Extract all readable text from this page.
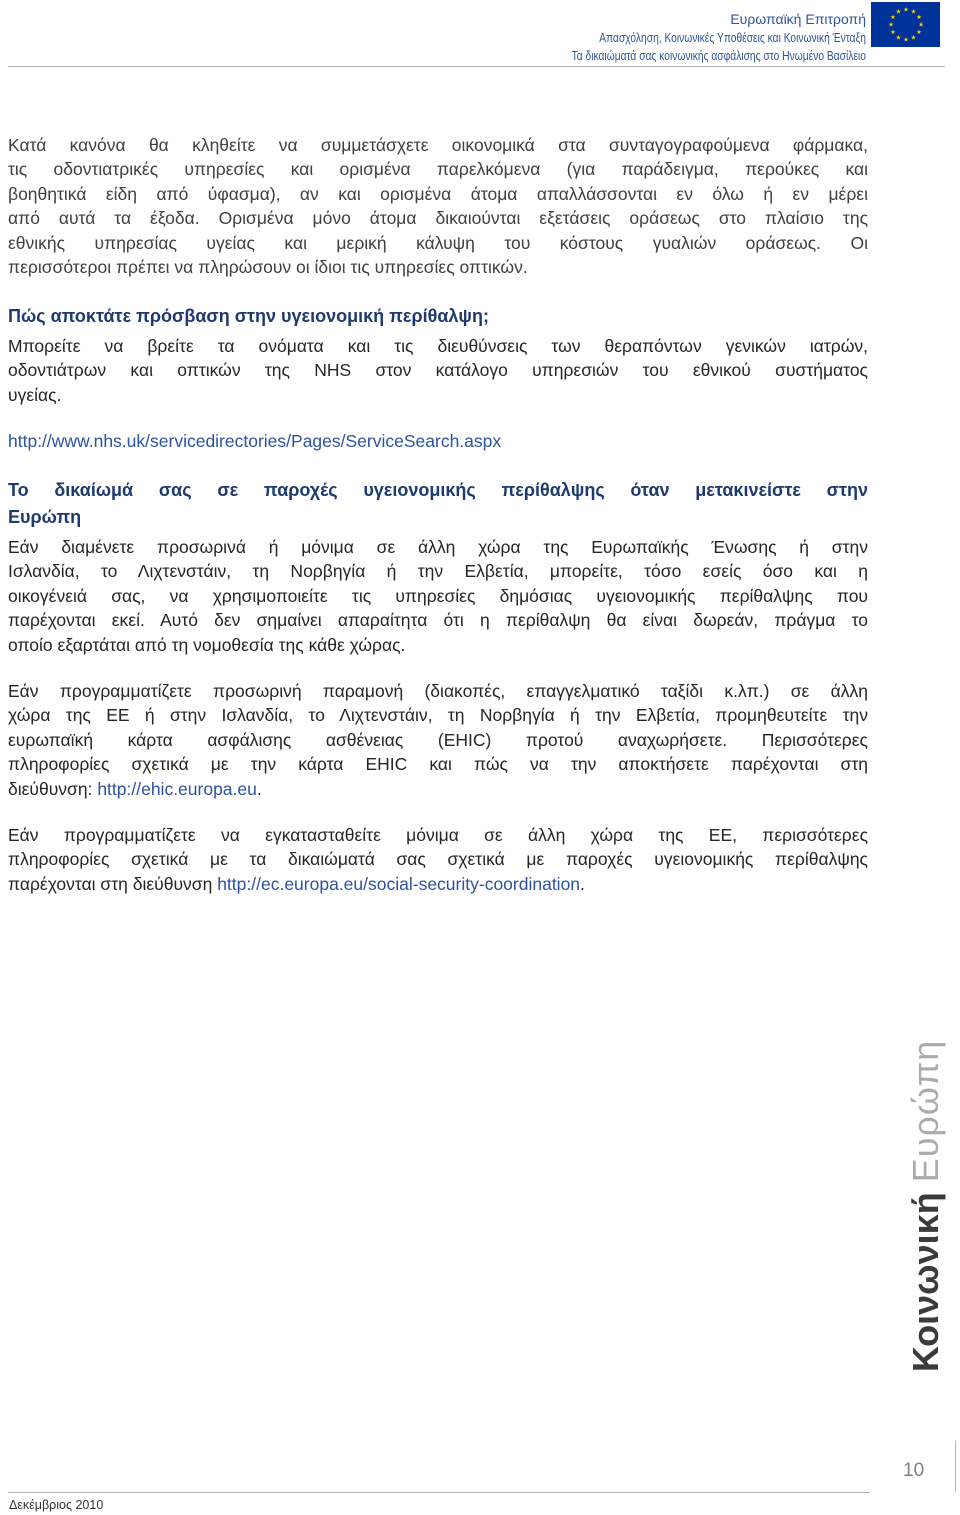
Ευρωπαϊκή Επιτροπή
Απασχόληση, Κοινωνικές Υποθέσεις και Κοινωνική Ένταξη
Τα δικαιώματά σας κοινωνικής ασφάλισης στο Ηνωμένο Βασίλειο
Κατά κανόνα θα κληθείτε να συμμετάσχετε οικονομικά στα συνταγογραφούμενα φάρμακα,
τις οδοντιατρικές υπηρεσίες και ορισμένα παρελκόμενα (για παράδειγμα, περούκες και
βοηθητικά είδη από ύφασμα), αν και ορισμένα άτομα απαλλάσσονται εν όλω ή εν μέρει
από αυτά τα έξοδα. Ορισμένα μόνο άτομα δικαιούνται εξετάσεις οράσεως στο πλαίσιο της
εθνικής υπηρεσίας υγείας και μερική κάλυψη του κόστους γυαλιών οράσεως. Οι
περισσότεροι πρέπει να πληρώσουν οι ίδιοι τις υπηρεσίες οπτικών.
Πώς αποκτάτε πρόσβαση στην υγειονομική περίθαλψη;
Μπορείτε να βρείτε τα ονόματα και τις διευθύνσεις των θεραπόντων γενικών ιατρών,
οδοντιάτρων και οπτικών της NHS στον κατάλογο υπηρεσιών του εθνικού συστήματος
υγείας.
http://www.nhs.uk/servicedirectories/Pages/ServiceSearch.aspx
Το δικαίωμά σας σε παροχές υγειονομικής περίθαλψης όταν μετακινείστε στην
Ευρώπη
Εάν διαμένετε προσωρινά ή μόνιμα σε άλλη χώρα της Ευρωπαϊκής Ένωσης ή στην
Ισλανδία, το Λιχτενστάιν, τη Νορβηγία ή την Ελβετία, μπορείτε, τόσο εσείς όσο και η
οικογένειά σας, να χρησιμοποιείτε τις υπηρεσίες δημόσιας υγειονομικής περίθαλψης που
παρέχονται εκεί. Αυτό δεν σημαίνει απαραίτητα ότι η περίθαλψη θα είναι δωρεάν, πράγμα το
οποίο εξαρτάται από τη νομοθεσία της κάθε χώρας.
Εάν προγραμματίζετε προσωρινή παραμονή (διακοπές, επαγγελματικό ταξίδι κ.λπ.) σε άλλη
χώρα της ΕΕ ή στην Ισλανδία, το Λιχτενστάιν, τη Νορβηγία ή την Ελβετία, προμηθευτείτε την
ευρωπαϊκή κάρτα ασφάλισης ασθένειας (EHIC) προτού αναχωρήσετε. Περισσότερες
πληροφορίες σχετικά με την κάρτα EHIC και πώς να την αποκτήσετε παρέχονται στη
διεύθυνση: http://ehic.europa.eu.
Εάν προγραμματίζετε να εγκατασταθείτε μόνιμα σε άλλη χώρα της ΕΕ, περισσότερες
πληροφορίες σχετικά με τα δικαιώματά σας σχετικά με παροχές υγειονομικής περίθαλψης
παρέχονται στη διεύθυνση http://ec.europa.eu/social-security-coordination.
ΚοινωνικήΕυρώπη
10
Δεκέμβριος 2010
